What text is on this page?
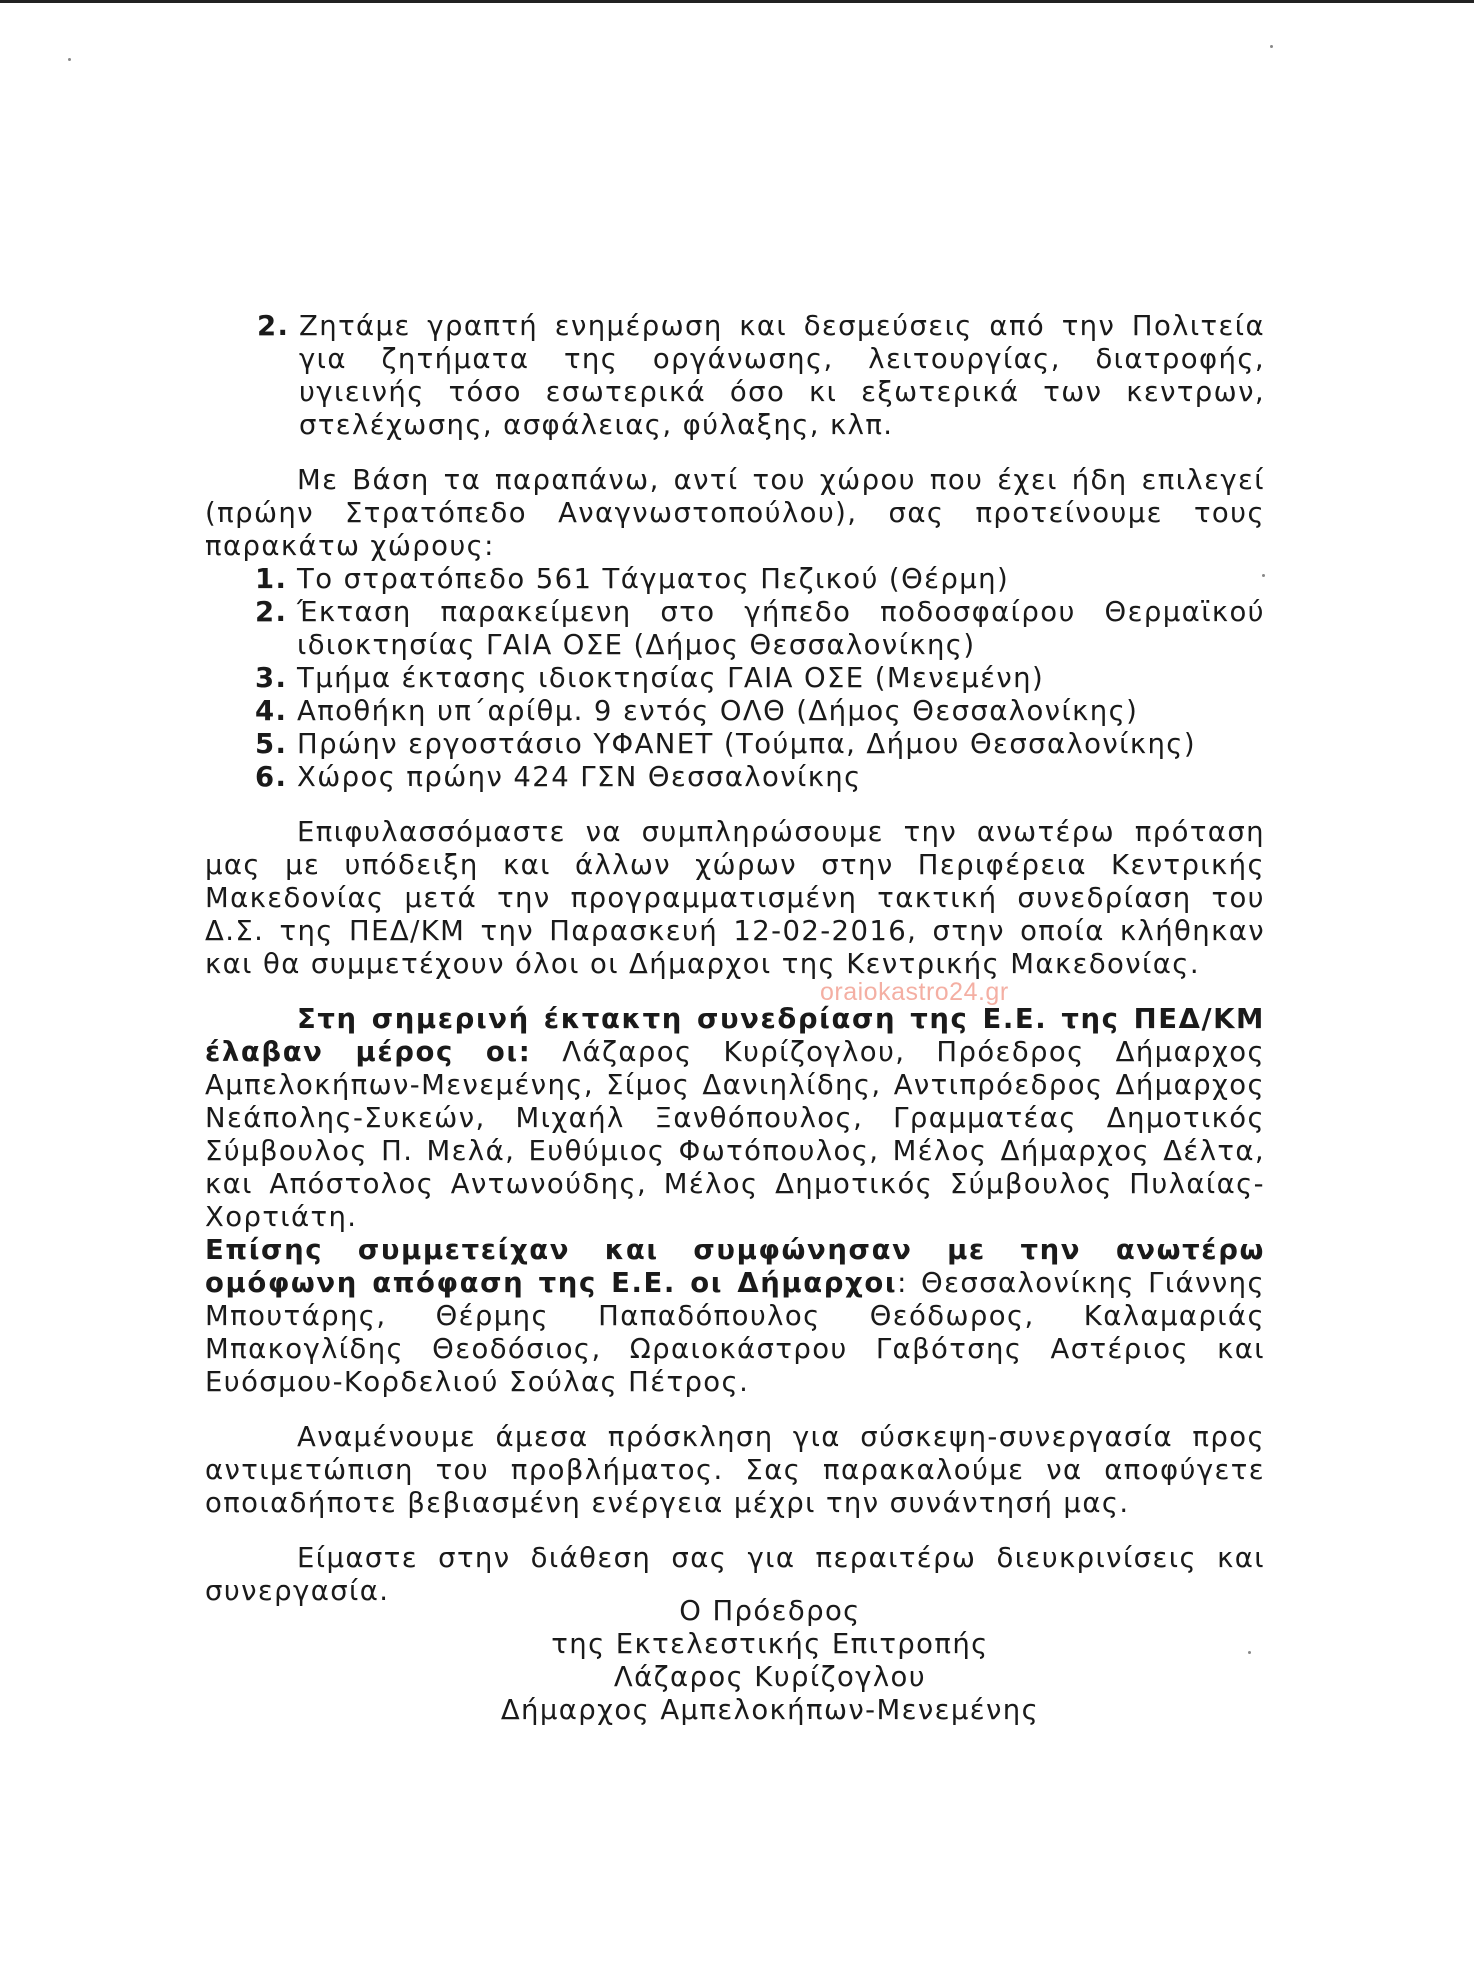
2. Ζητάμε γραπτή ενημέρωση και δεσμεύσεις από την Πολιτεία για ζητήματα της οργάνωσης, λειτουργίας, διατροφής, υγιεινής τόσο εσωτερικά όσο κι εξωτερικά των κεντρων, στελέχωσης, ασφάλειας, φύλαξης, κλπ.

Με Βάση τα παραπάνω, αντί του χώρου που έχει ήδη επιλεγεί (πρώην Στρατόπεδο Αναγνωστοπούλου), σας προτείνουμε τους παρακάτω χώρους:

1. Το στρατόπεδο 561 Τάγματος Πεζικού (Θέρμη)
2. Έκταση παρακείμενη στο γήπεδο ποδοσφαίρου Θερμαϊκού ιδιοκτησίας ΓΑΙΑ ΟΣΕ (Δήμος Θεσσαλονίκης)
3. Τμήμα έκτασης ιδιοκτησίας ΓΑΙΑ ΟΣΕ (Μενεμένη)
4. Αποθήκη υπ΄αρίθμ. 9 εντός ΟΛΘ (Δήμος Θεσσαλονίκης)
5. Πρώην εργοστάσιο ΥΦΑΝΕΤ (Τούμπα, Δήμου Θεσσαλονίκης)
6. Χώρος πρώην 424 ΓΣΝ Θεσσαλονίκης

Επιφυλασσόμαστε να συμπληρώσουμε την ανωτέρω πρόταση μας με υπόδειξη και άλλων χώρων στην Περιφέρεια Κεντρικής Μακεδονίας μετά την προγραμματισμένη τακτική συνεδρίαση του Δ.Σ. της ΠΕΔ/ΚΜ την Παρασκευή 12-02-2016, στην οποία κλήθηκαν και θα συμμετέχουν όλοι οι Δήμαρχοι της Κεντρικής Μακεδονίας.

Στη σημερινή έκτακτη συνεδρίαση της Ε.Ε. της ΠΕΔ/ΚΜ έλαβαν μέρος οι: Λάζαρος Κυρίζογλου, Πρόεδρος Δήμαρχος Αμπελοκήπων-Μενεμένης, Σίμος Δανιηλίδης, Αντιπρόεδρος Δήμαρχος Νεάπολης-Συκεών, Μιχαήλ Ξανθόπουλος, Γραμματέας Δημοτικός Σύμβουλος Π. Μελά, Ευθύμιος Φωτόπουλος, Μέλος Δήμαρχος Δέλτα, και Απόστολος Αντωνούδης, Μέλος Δημοτικός Σύμβουλος Πυλαίας-Χορτιάτη.

Επίσης συμμετείχαν και συμφώνησαν με την ανωτέρω ομόφωνη απόφαση της Ε.Ε. οι Δήμαρχοι: Θεσσαλονίκης Γιάννης Μπουτάρης, Θέρμης Παπαδόπουλος Θεόδωρος, Καλαμαριάς Μπακογλίδης Θεοδόσιος, Ωραιοκάστρου Γαβότσης Αστέριος και Ευόσμου-Κορδελιού Σούλας Πέτρος.

Αναμένουμε άμεσα πρόσκληση για σύσκεψη-συνεργασία προς αντιμετώπιση του προβλήματος. Σας παρακαλούμε να αποφύγετε οποιαδήποτε βεβιασμένη ενέργεια μέχρι την συνάντησή μας.

Είμαστε στην διάθεση σας για περαιτέρω διευκρινίσεις και συνεργασία.

oraiokastro24.gr
Ο Πρόεδρος
της Εκτελεστικής Επιτροπής
Λάζαρος Κυρίζογλου
Δήμαρχος Αμπελοκήπων-Μενεμένης
